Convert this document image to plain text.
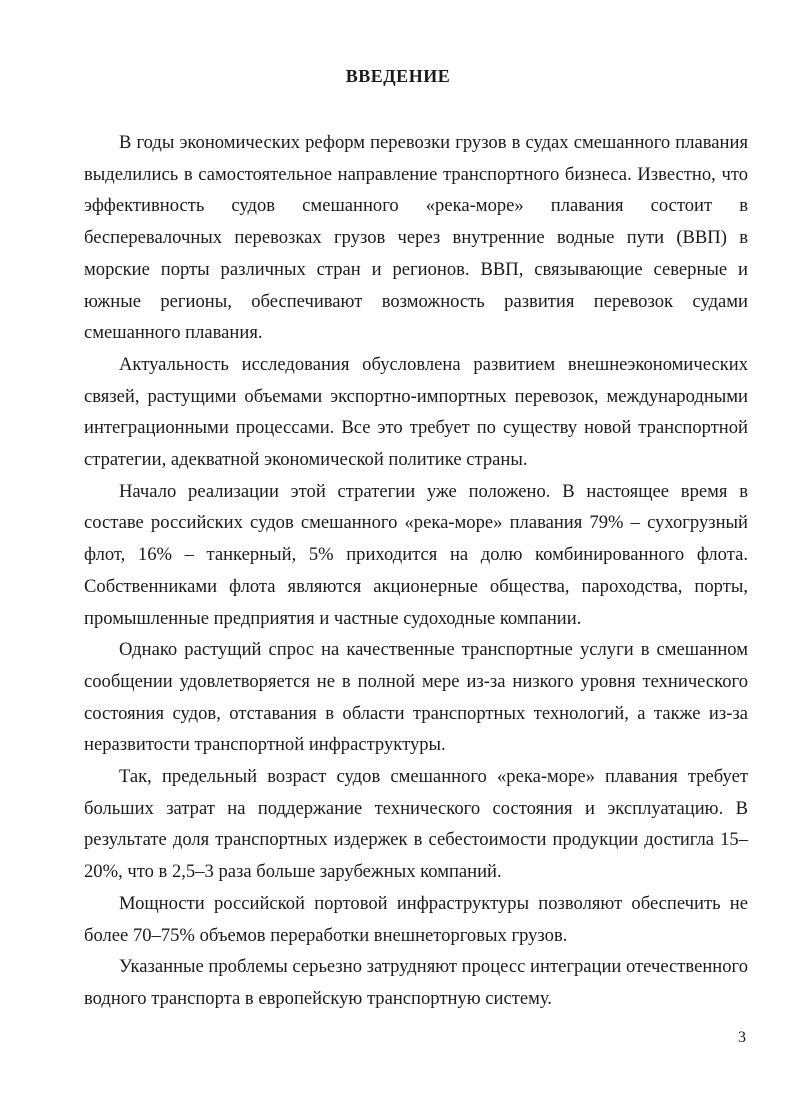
ВВЕДЕНИЕ

В годы экономических реформ перевозки грузов в судах смешанного плавания выделились в самостоятельное направление транспортного бизнеса. Известно, что эффективность судов смешанного «река-море» плавания состоит в бесперевалочных перевозках грузов через внутренние водные пути (ВВП) в морские порты различных стран и регионов. ВВП, связывающие северные и южные регионы, обеспечивают возможность развития перевозок судами смешанного плавания.

Актуальность исследования обусловлена развитием внешнеэкономических связей, растущими объемами экспортно-импортных перевозок, международными интеграционными процессами. Все это требует по существу новой транспортной стратегии, адекватной экономической политике страны.

Начало реализации этой стратегии уже положено. В настоящее время в составе российских судов смешанного «река-море» плавания 79% – сухогрузный флот, 16% – танкерный, 5% приходится на долю комбинированного флота. Собственниками флота являются акционерные общества, пароходства, порты, промышленные предприятия и частные судоходные компании.

Однако растущий спрос на качественные транспортные услуги в смешанном сообщении удовлетворяется не в полной мере из-за низкого уровня технического состояния судов, отставания в области транспортных технологий, а также из-за неразвитости транспортной инфраструктуры.

Так, предельный возраст судов смешанного «река-море» плавания требует больших затрат на поддержание технического состояния и эксплуатацию. В результате доля транспортных издержек в себестоимости продукции достигла 15–20%, что в 2,5–3 раза больше зарубежных компаний.

Мощности российской портовой инфраструктуры позволяют обеспечить не более 70–75% объемов переработки внешнеторговых грузов.

Указанные проблемы серьезно затрудняют процесс интеграции отечественного водного транспорта в европейскую транспортную систему.

3
